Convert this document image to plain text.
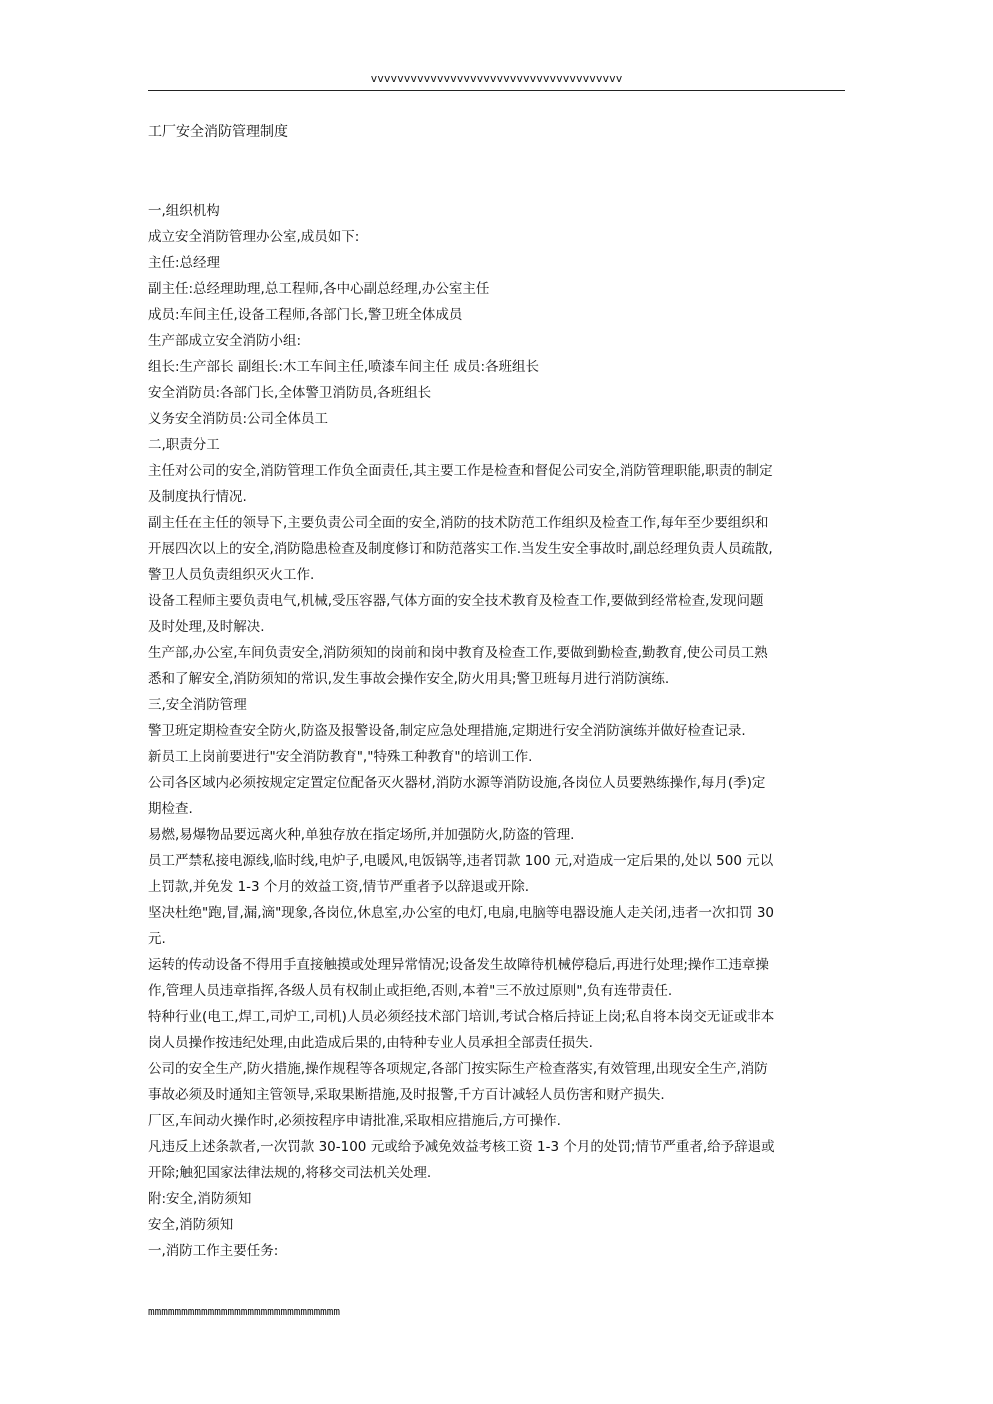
vvvvvvvvvvvvvvvvvvvvvvvvvvvvvvvvvvvvvv
工厂安全消防管理制度
一,组织机构
成立安全消防管理办公室,成员如下:
主任:总经理
副主任:总经理助理,总工程师,各中心副总经理,办公室主任
成员:车间主任,设备工程师,各部门长,警卫班全体成员
生产部成立安全消防小组:
组长:生产部长 副组长:木工车间主任,喷漆车间主任 成员:各班组长
安全消防员:各部门长,全体警卫消防员,各班组长
义务安全消防员:公司全体员工
二,职责分工
主任对公司的安全,消防管理工作负全面责任,其主要工作是检查和督促公司安全,消防管理职能,职责的制定
及制度执行情况.
副主任在主任的领导下,主要负责公司全面的安全,消防的技术防范工作组织及检查工作,每年至少要组织和
开展四次以上的安全,消防隐患检查及制度修订和防范落实工作.当发生安全事故时,副总经理负责人员疏散,
警卫人员负责组织灭火工作.
设备工程师主要负责电气,机械,受压容器,气体方面的安全技术教育及检查工作,要做到经常检查,发现问题
及时处理,及时解决.
生产部,办公室,车间负责安全,消防须知的岗前和岗中教育及检查工作,要做到勤检查,勤教育,使公司员工熟
悉和了解安全,消防须知的常识,发生事故会操作安全,防火用具;警卫班每月进行消防演练.
三,安全消防管理
警卫班定期检查安全防火,防盗及报警设备,制定应急处理措施,定期进行安全消防演练并做好检查记录.
新员工上岗前要进行"安全消防教育","特殊工种教育"的培训工作.
公司各区域内必须按规定定置定位配备灭火器材,消防水源等消防设施,各岗位人员要熟练操作,每月(季)定
期检查.
易燃,易爆物品要远离火种,单独存放在指定场所,并加强防火,防盗的管理.
员工严禁私接电源线,临时线,电炉子,电暖风,电饭锅等,违者罚款 100 元,对造成一定后果的,处以 500 元以
上罚款,并免发 1-3 个月的效益工资,情节严重者予以辞退或开除.
坚决杜绝"跑,冒,漏,滴"现象,各岗位,休息室,办公室的电灯,电扇,电脑等电器设施人走关闭,违者一次扣罚 30
元.
运转的传动设备不得用手直接触摸或处理异常情况;设备发生故障待机械停稳后,再进行处理;操作工违章操
作,管理人员违章指挥,各级人员有权制止或拒绝,否则,本着"三不放过原则",负有连带责任.
特种行业(电工,焊工,司炉工,司机)人员必须经技术部门培训,考试合格后持证上岗;私自将本岗交无证或非本
岗人员操作按违纪处理,由此造成后果的,由特种专业人员承担全部责任损失.
公司的安全生产,防火措施,操作规程等各项规定,各部门按实际生产检查落实,有效管理,出现安全生产,消防
事故必须及时通知主管领导,采取果断措施,及时报警,千方百计减轻人员伤害和财产损失.
厂区,车间动火操作时,必须按程序申请批准,采取相应措施后,方可操作.
凡违反上述条款者,一次罚款 30-100 元或给予减免效益考核工资 1-3 个月的处罚;情节严重者,给予辞退或
开除;触犯国家法律法规的,将移交司法机关处理.
附:安全,消防须知
安全,消防须知
一,消防工作主要任务:
mmmmmmmmmmmmmmmmmmmmmmmmmmmmm
